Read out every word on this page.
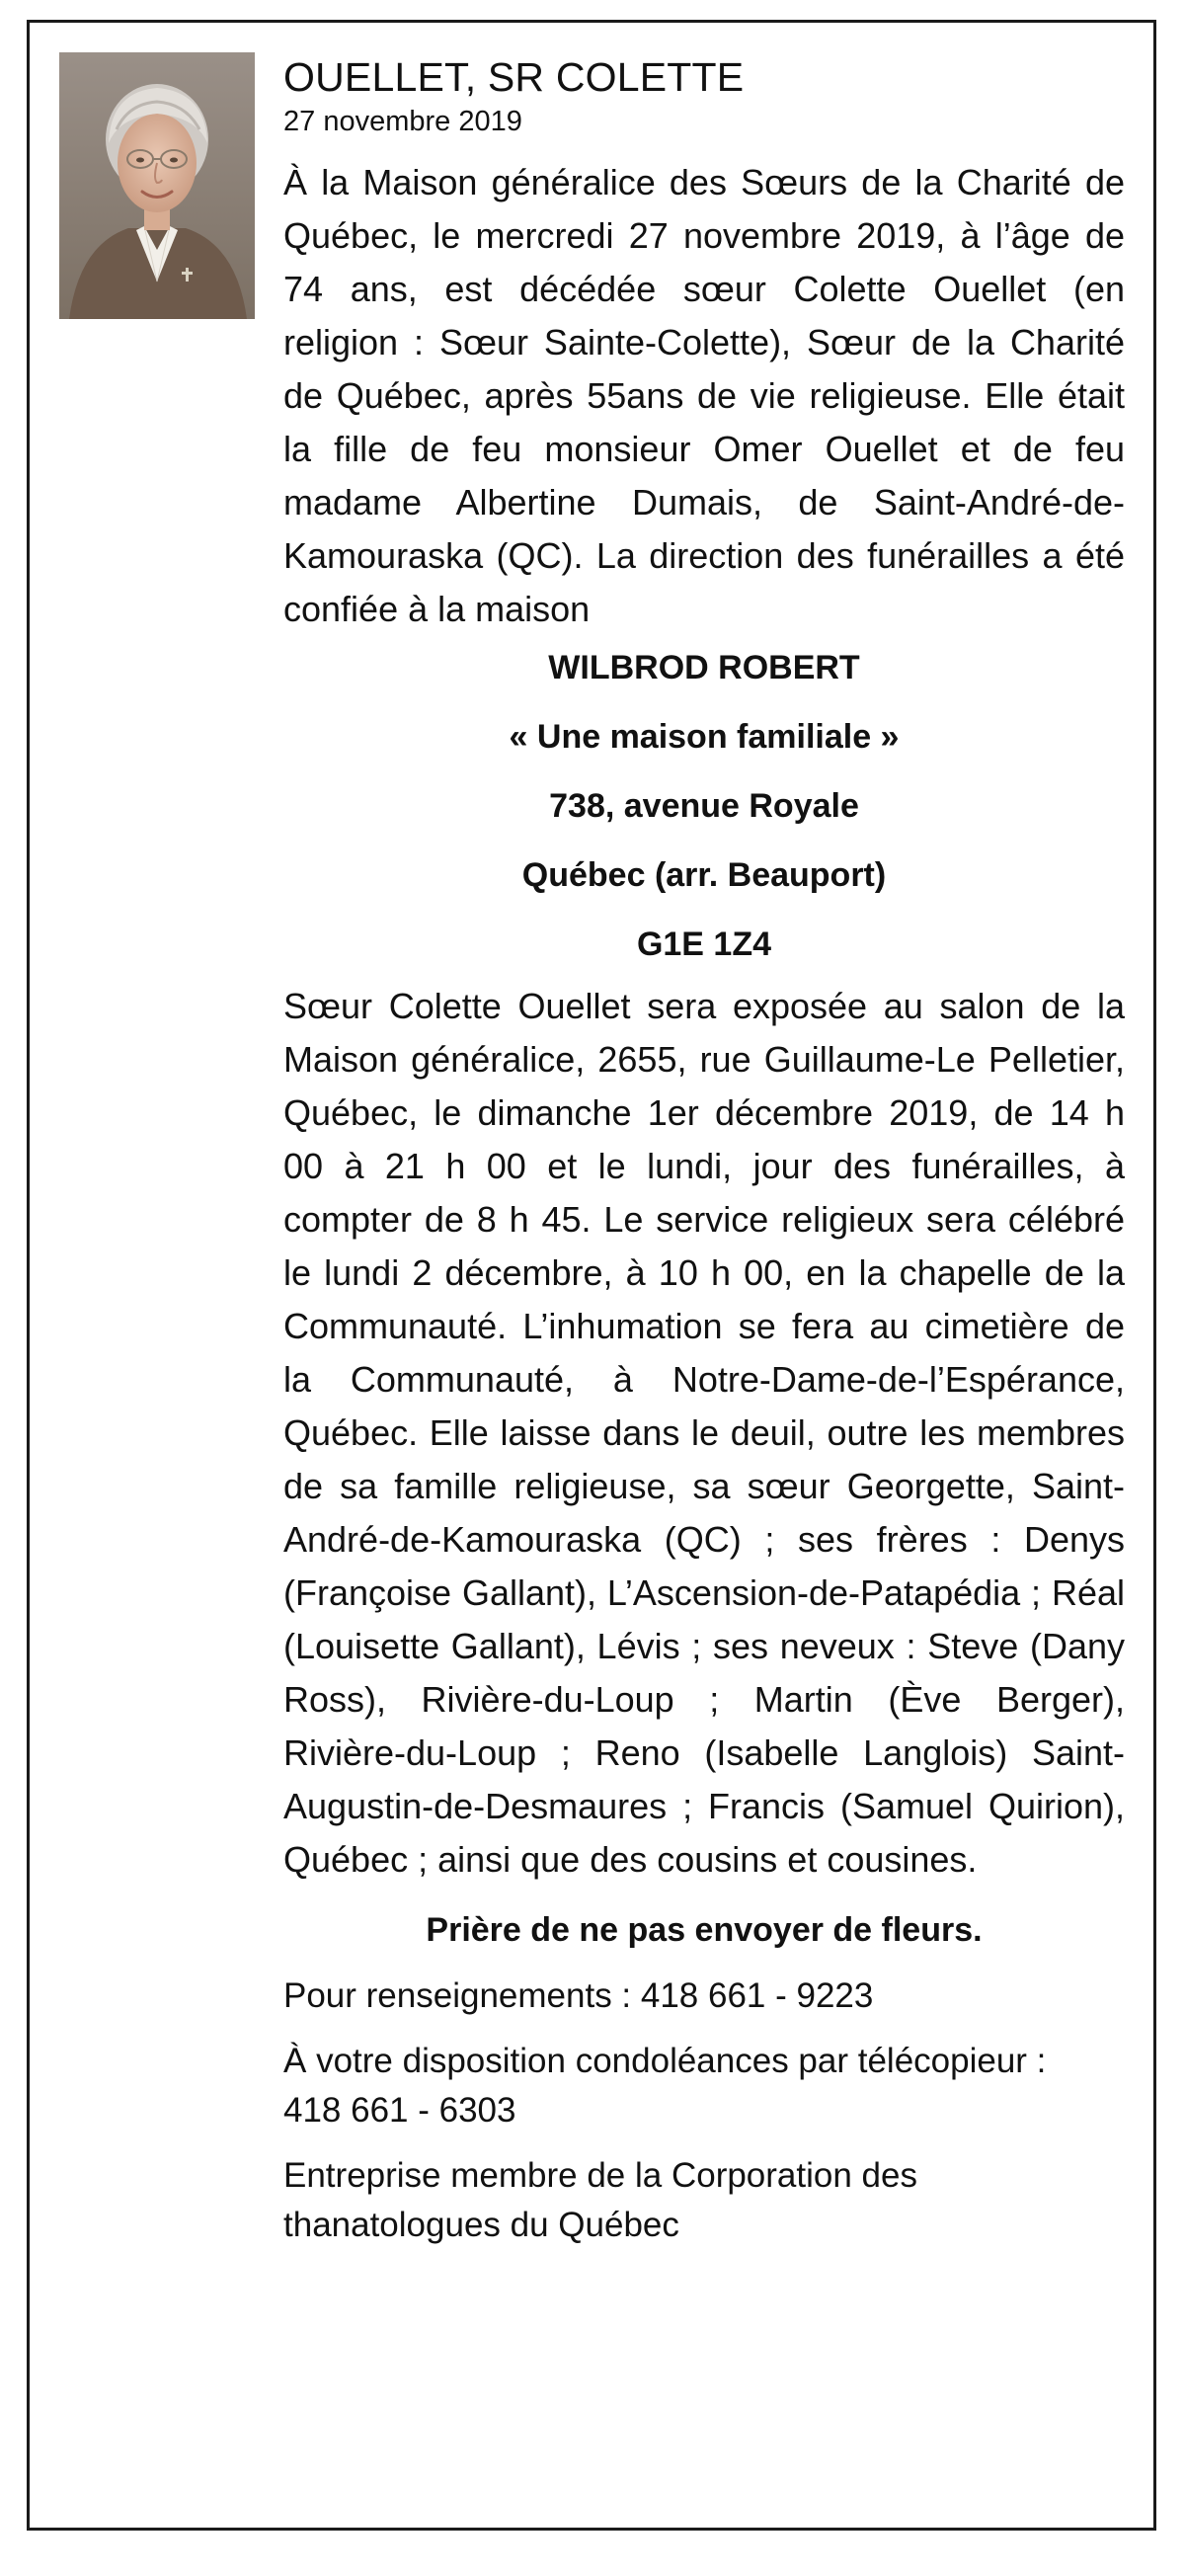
OUELLET, SR COLETTE
27 novembre 2019

À la Maison généralice des Sœurs de la Charité de Québec, le mercredi 27 novembre 2019, à l’âge de 74 ans, est décédée sœur Colette Ouellet (en religion : Sœur Sainte-Colette), Sœur de la Charité de Québec, après 55ans de vie religieuse. Elle était la fille de feu monsieur Omer Ouellet et de feu madame Albertine Dumais, de Saint-André-de-Kamouraska (QC). La direction des funérailles a été confiée à la maison

WILBROD ROBERT

« Une maison familiale »

738, avenue Royale

Québec (arr. Beauport)

G1E 1Z4

Sœur Colette Ouellet sera exposée au salon de la Maison généralice, 2655, rue Guillaume-Le Pelletier, Québec, le dimanche 1er décembre 2019, de 14 h 00 à 21 h 00 et le lundi, jour des funérailles, à compter de 8 h 45. Le service religieux sera célébré le lundi 2 décembre, à 10 h 00, en la chapelle de la Communauté. L’inhumation se fera au cimetière de la Communauté, à Notre-Dame-de-l’Espérance, Québec. Elle laisse dans le deuil, outre les membres de sa famille religieuse, sa sœur Georgette, Saint-André-de-Kamouraska (QC) ; ses frères : Denys (Françoise Gallant), L’Ascension-de-Patapédia ; Réal (Louisette Gallant), Lévis ; ses neveux : Steve (Dany Ross), Rivière-du-Loup ; Martin (Ève Berger), Rivière-du-Loup ; Reno (Isabelle Langlois) Saint-Augustin-de-Desmaures ; Francis (Samuel Quirion), Québec ; ainsi que des cousins et cousines.

Prière de ne pas envoyer de fleurs.

Pour renseignements : 418 661 - 9223

À votre disposition condoléances par télécopieur :
418 661 - 6303

Entreprise membre de la Corporation des
thanatologues du Québec
